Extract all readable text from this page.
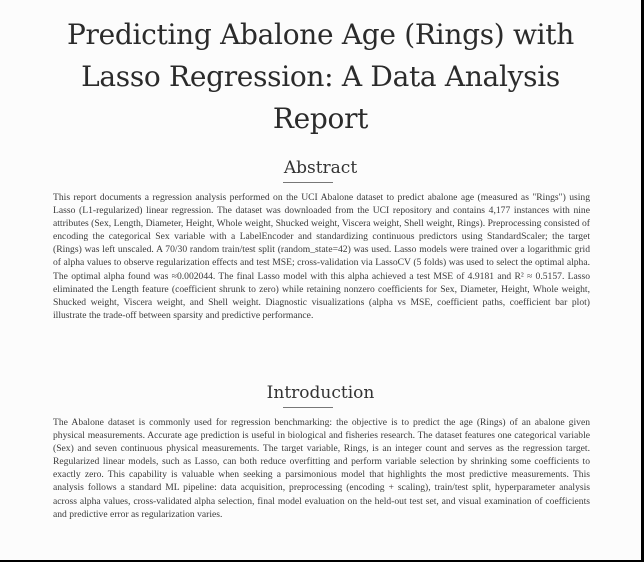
Predicting Abalone Age (Rings) with
Lasso Regression: A Data Analysis
Report
Abstract

This report documents a regression analysis performed on the UCI Abalone dataset to predict abalone age (measured as "Rings") using Lasso (L1-regularized) linear regression. The dataset was downloaded from the UCI repository and contains 4,177 instances with nine attributes (Sex, Length, Diameter, Height, Whole weight, Shucked weight, Viscera weight, Shell weight, Rings). Preprocessing consisted of encoding the categorical Sex variable with a LabelEncoder and standardizing continuous predictors using StandardScaler; the target (Rings) was left unscaled. A 70/30 random train/test split (random_state=42) was used. Lasso models were trained over a logarithmic grid of alpha values to observe regularization effects and test MSE; cross-validation via LassoCV (5 folds) was used to select the optimal alpha. The optimal alpha found was ≈0.002044. The final Lasso model with this alpha achieved a test MSE of 4.9181 and R² ≈ 0.5157. Lasso eliminated the Length feature (coefficient shrunk to zero) while retaining nonzero coefficients for Sex, Diameter, Height, Whole weight, Shucked weight, Viscera weight, and Shell weight. Diagnostic visualizations (alpha vs MSE, coefficient paths, coefficient bar plot) illustrate the trade-off between sparsity and predictive performance.

Introduction

The Abalone dataset is commonly used for regression benchmarking: the objective is to predict the age (Rings) of an abalone given physical measurements. Accurate age prediction is useful in biological and fisheries research. The dataset features one categorical variable (Sex) and seven continuous physical measurements. The target variable, Rings, is an integer count and serves as the regression target. Regularized linear models, such as Lasso, can both reduce overfitting and perform variable selection by shrinking some coefficients to exactly zero. This capability is valuable when seeking a parsimonious model that highlights the most predictive measurements. This analysis follows a standard ML pipeline: data acquisition, preprocessing (encoding + scaling), train/test split, hyperparameter analysis across alpha values, cross-validated alpha selection, final model evaluation on the held-out test set, and visual examination of coefficients and predictive error as regularization varies.
